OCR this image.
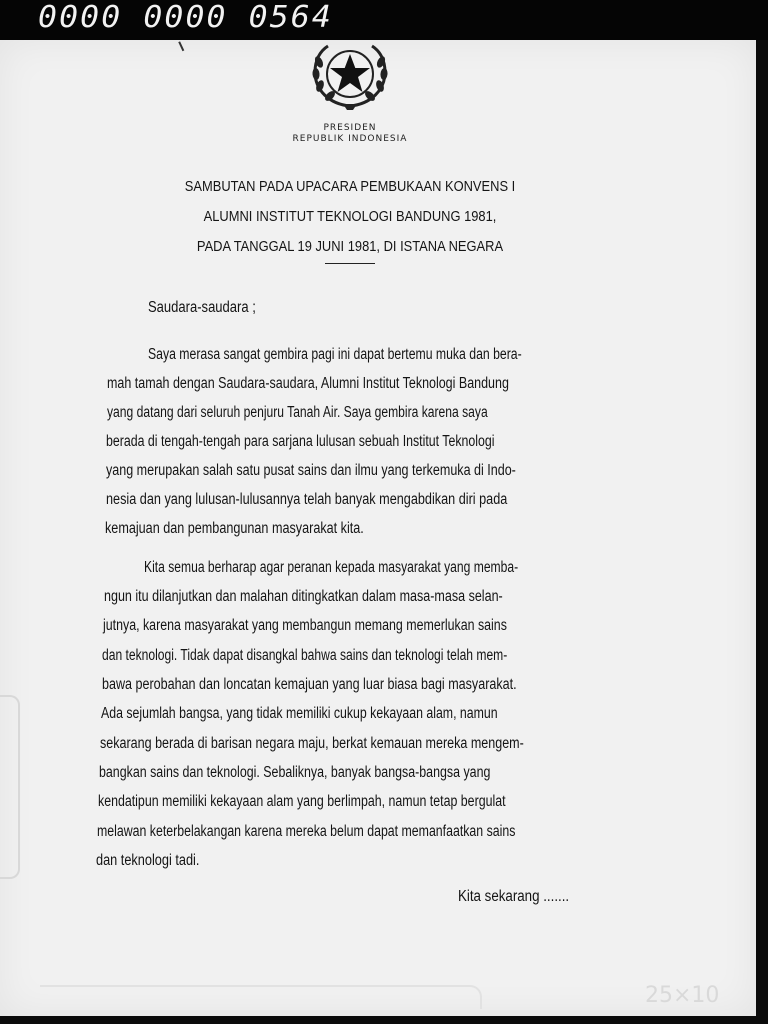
0000 0000 0564
25×10
PRESIDEN
REPUBLIK INDONESIA
SAMBUTAN PADA UPACARA PEMBUKAAN KONVENS I
ALUMNI INSTITUT TEKNOLOGI BANDUNG 1981,
PADA TANGGAL 19 JUNI 1981, DI ISTANA NEGARA
Saudara-saudara ;
Saya merasa sangat gembira pagi ini dapat bertemu muka dan bera-
mah tamah dengan Saudara-saudara, Alumni Institut Teknologi Bandung
yang datang dari seluruh penjuru Tanah Air. Saya gembira karena saya
berada di tengah-tengah para sarjana lulusan sebuah Institut Teknologi
yang merupakan salah satu pusat sains dan ilmu yang terkemuka di Indo-
nesia dan yang lulusan-lulusannya telah banyak mengabdikan diri pada
kemajuan dan pembangunan masyarakat kita.
Kita semua berharap agar peranan kepada masyarakat yang memba-
ngun itu dilanjutkan dan malahan ditingkatkan dalam masa-masa selan-
jutnya, karena masyarakat yang membangun memang memerlukan sains
dan teknologi. Tidak dapat disangkal bahwa sains dan teknologi telah mem-
bawa perobahan dan loncatan kemajuan yang luar biasa bagi masyarakat.
Ada sejumlah bangsa, yang tidak memiliki cukup kekayaan alam, namun
sekarang berada di barisan negara maju, berkat kemauan mereka mengem-
bangkan sains dan teknologi. Sebaliknya, banyak bangsa-bangsa yang
kendatipun memiliki kekayaan alam yang berlimpah, namun tetap bergulat
melawan keterbelakangan karena mereka belum dapat memanfaatkan sains
dan teknologi tadi.
Kita sekarang .......
